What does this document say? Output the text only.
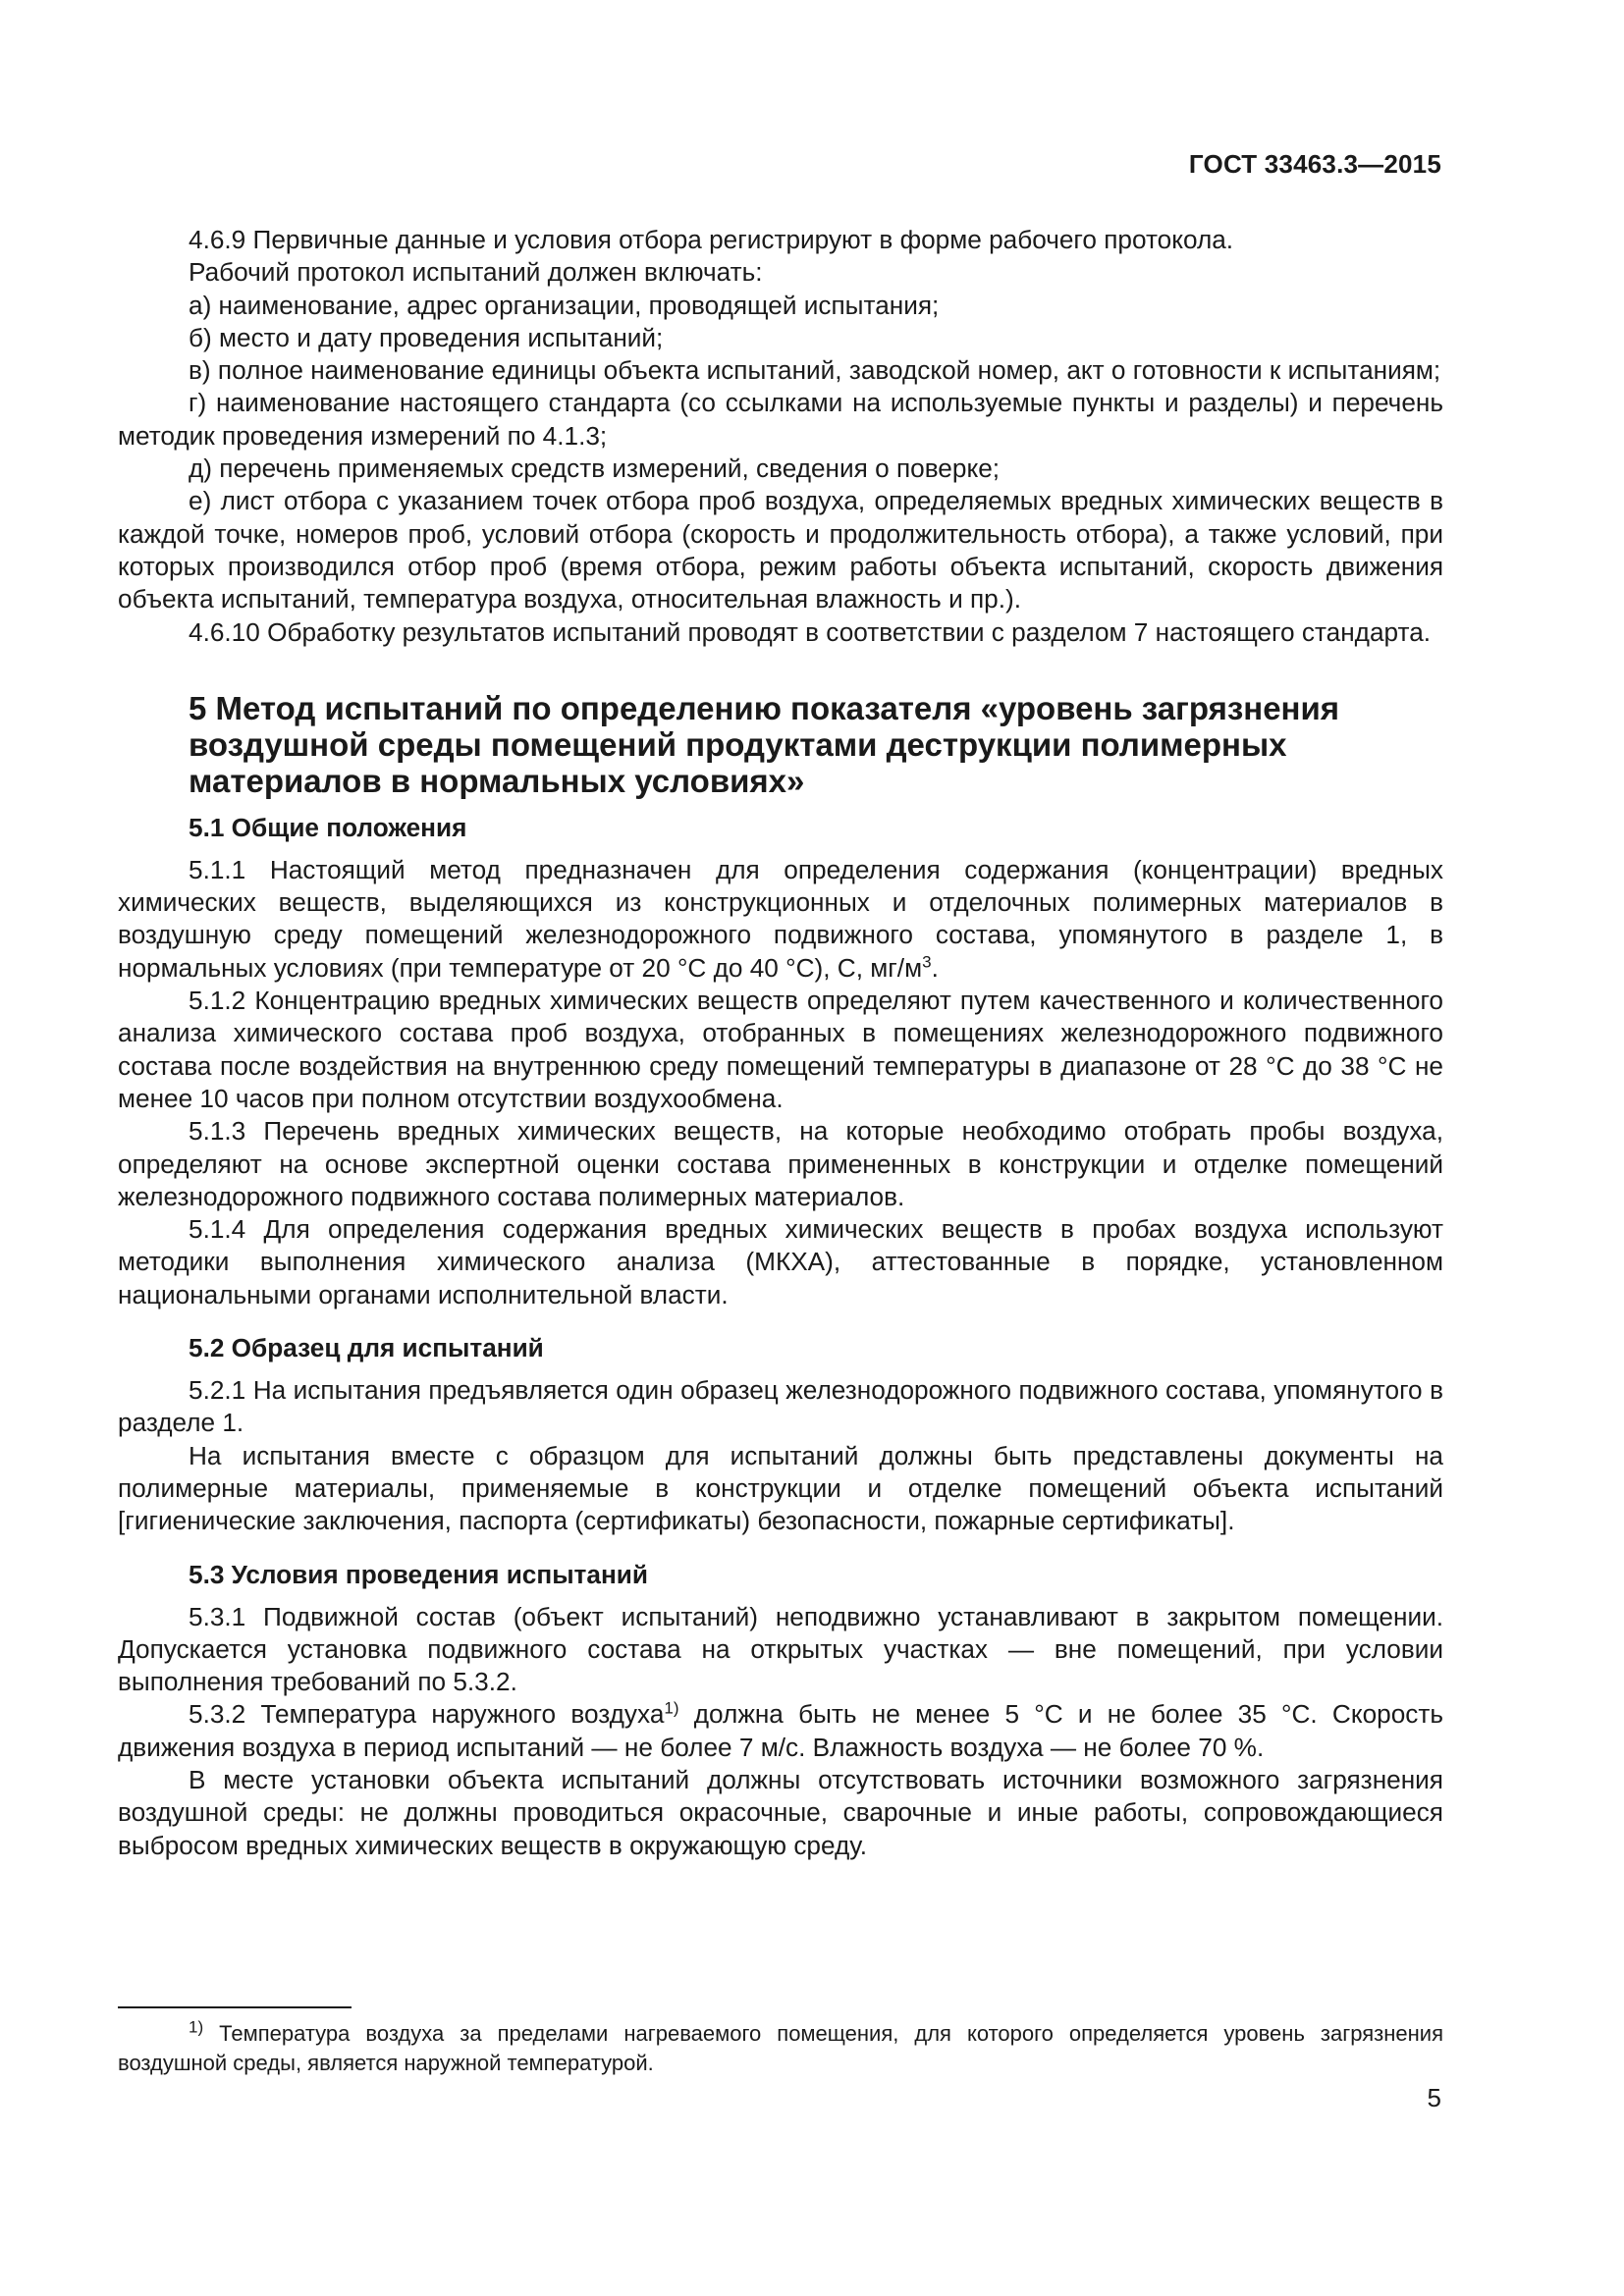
ГОСТ 33463.3—2015

4.6.9 Первичные данные и условия отбора регистрируют в форме рабочего протокола.

Рабочий протокол испытаний должен включать:

а) наименование, адрес организации, проводящей испытания;

б) место и дату проведения испытаний;

в) полное наименование единицы объекта испытаний, заводской номер, акт о готовности к испытаниям;

г) наименование настоящего стандарта (со ссылками на используемые пункты и разделы) и перечень методик проведения измерений по 4.1.3;

д) перечень применяемых средств измерений, сведения о поверке;

е) лист отбора с указанием точек отбора проб воздуха, определяемых вредных химических веществ в каждой точке, номеров проб, условий отбора (скорость и продолжительность отбора), а также условий, при которых производился отбор проб (время отбора, режим работы объекта испытаний, скорость движения объекта испытаний, температура воздуха, относительная влажность и пр.).

4.6.10 Обработку результатов испытаний проводят в соответствии с разделом 7 настоящего стандарта.

5 Метод испытаний по определению показателя «уровень загрязнения воздушной среды помещений продуктами деструкции полимерных материалов в нормальных условиях»
5.1 Общие положения

5.1.1 Настоящий метод предназначен для определения содержания (концентрации) вредных химических веществ, выделяющихся из конструкционных и отделочных полимерных материалов в воздушную среду помещений железнодорожного подвижного состава, упомянутого в разделе 1, в нормальных условиях (при температуре от 20 °С до 40 °С), С, $мг/м^3$.

5.1.2 Концентрацию вредных химических веществ определяют путем качественного и количественного анализа химического состава проб воздуха, отобранных в помещениях железнодорожного подвижного состава после воздействия на внутреннюю среду помещений температуры в диапазоне от 28 °С до 38 °С не менее 10 часов при полном отсутствии воздухообмена.

5.1.3 Перечень вредных химических веществ, на которые необходимо отобрать пробы воздуха, определяют на основе экспертной оценки состава примененных в конструкции и отделке помещений железнодорожного подвижного состава полимерных материалов.

5.1.4 Для определения содержания вредных химических веществ в пробах воздуха используют методики выполнения химического анализа (МКХА), аттестованные в порядке, установленном национальными органами исполнительной власти.

5.2 Образец для испытаний

5.2.1 На испытания предъявляется один образец железнодорожного подвижного состава, упомянутого в разделе 1.

На испытания вместе с образцом для испытаний должны быть представлены документы на полимерные материалы, применяемые в конструкции и отделке помещений объекта испытаний [гигиенические заключения, паспорта (сертификаты) безопасности, пожарные сертификаты].

5.3 Условия проведения испытаний

5.3.1 Подвижной состав (объект испытаний) неподвижно устанавливают в закрытом помещении. Допускается установка подвижного состава на открытых участках — вне помещений, при условии выполнения требований по 5.3.2.

5.3.2 Температура наружного воздуха$^{1)}$ должна быть не менее 5 °С и не более 35 °С. Скорость движения воздуха в период испытаний — не более 7 м/с. Влажность воздуха — не более 70 %.

В месте установки объекта испытаний должны отсутствовать источники возможного загрязнения воздушной среды: не должны проводиться окрасочные, сварочные и иные работы, сопровождающиеся выбросом вредных химических веществ в окружающую среду.

$^{1)}$ Температура воздуха за пределами нагреваемого помещения, для которого определяется уровень загрязнения воздушной среды, является наружной температурой.

5
